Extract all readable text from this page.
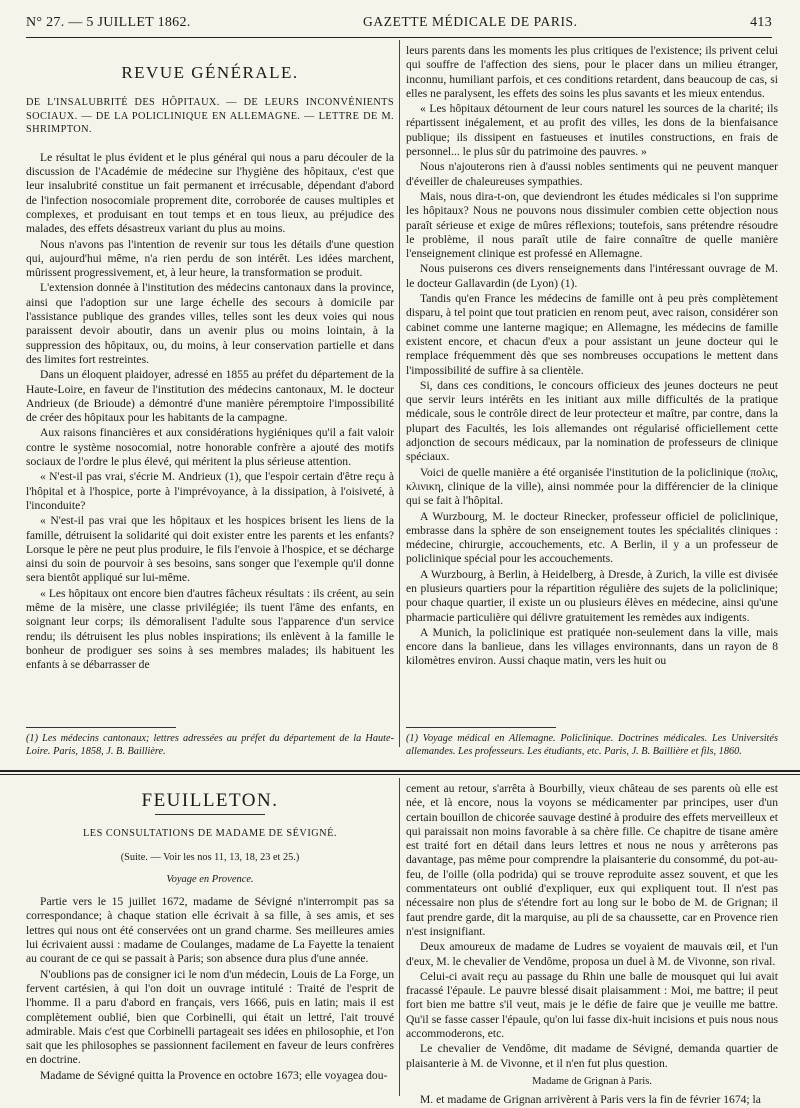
N° 27. — 5 JUILLET 1862.	GAZETTE MÉDICALE DE PARIS.	413
REVUE GÉNÉRALE.

DE L'INSALUBRITÉ DES HÔPITAUX. — DE LEURS INCONVÉNIENTS SOCIAUX. — DE LA POLICLINIQUE EN ALLEMAGNE. — LETTRE DE M. SHRIMPTON.

Le résultat le plus évident et le plus général qui nous a paru découler de la discussion de l'Académie de médecine sur l'hygiène des hôpitaux, c'est que leur insalubrité constitue un fait permanent et irrécusable, dépendant d'abord de l'infection nosocomiale proprement dite, corroborée de causes multiples et complexes, et produisant en tout temps et en tous lieux, au préjudice des malades, des effets désastreux variant du plus au moins.

Nous n'avons pas l'intention de revenir sur tous les détails d'une question qui, aujourd'hui même, n'a rien perdu de son intérêt. Les idées marchent, mûrissent progressivement, et, à leur heure, la transformation se produit.

L'extension donnée à l'institution des médecins cantonaux dans la province, ainsi que l'adoption sur une large échelle des secours à domicile par l'assistance publique des grandes villes, telles sont les deux voies qui nous paraissent devoir aboutir, dans un avenir plus ou moins lointain, à la suppression des hôpitaux, ou, du moins, à leur conservation partielle et dans des limites fort restreintes.

Dans un éloquent plaidoyer, adressé en 1855 au préfet du département de la Haute-Loire, en faveur de l'institution des médecins cantonaux, M. le docteur Andrieux (de Brioude) a démontré d'une manière péremptoire l'impossibilité de créer des hôpitaux pour les habitants de la campagne.

Aux raisons financières et aux considérations hygiéniques qu'il a fait valoir contre le système nosocomial, notre honorable confrère a ajouté des motifs sociaux de l'ordre le plus élevé, qui méritent la plus sérieuse attention.

« N'est-il pas vrai, s'écrie M. Andrieux (1), que l'espoir certain d'être reçu à l'hôpital et à l'hospice, porte à l'imprévoyance, à la dissipation, à l'oisiveté, à l'inconduite?

« N'est-il pas vrai que les hôpitaux et les hospices brisent les liens de la famille, détruisent la solidarité qui doit exister entre les parents et les enfants? Lorsque le père ne peut plus produire, le fils l'envoie à l'hospice, et se décharge ainsi du soin de pourvoir à ses besoins, sans songer que l'exemple qu'il donne sera bientôt appliqué sur lui-même.

« Les hôpitaux ont encore bien d'autres fâcheux résultats : ils créent, au sein même de la misère, une classe privilégiée; ils tuent l'âme des enfants, en soignant leur corps; ils démoralisent l'adulte sous l'apparence d'un service rendu; ils détruisent les plus nobles inspirations; ils enlèvent à la famille le bonheur de prodiguer ses soins à ses membres malades; ils habituent les enfants à se débarrasser de

leurs parents dans les moments les plus critiques de l'existence; ils privent celui qui souffre de l'affection des siens, pour le placer dans un milieu étranger, inconnu, humiliant parfois, et ces conditions retardent, dans beaucoup de cas, si elles ne paralysent, les effets des soins les plus savants et les mieux entendus.

« Les hôpitaux détournent de leur cours naturel les sources de la charité; ils répartissent inégalement, et au profit des villes, les dons de la bienfaisance publique; ils dissipent en fastueuses et inutiles constructions, en frais de personnel... le plus sûr du patrimoine des pauvres. »

Nous n'ajouterons rien à d'aussi nobles sentiments qui ne peuvent manquer d'éveiller de chaleureuses sympathies.

Mais, nous dira-t-on, que deviendront les études médicales si l'on supprime les hôpitaux? Nous ne pouvons nous dissimuler combien cette objection nous paraît sérieuse et exige de mûres réflexions; toutefois, sans prétendre résoudre le problème, il nous paraît utile de faire connaître de quelle manière l'enseignement clinique est professé en Allemagne.

Nous puiserons ces divers renseignements dans l'intéressant ouvrage de M. le docteur Gallavardin (de Lyon) (1).

Tandis qu'en France les médecins de famille ont à peu près complètement disparu, à tel point que tout praticien en renom peut, avec raison, considérer son cabinet comme une lanterne magique; en Allemagne, les médecins de famille existent encore, et chacun d'eux a pour assistant un jeune docteur qui le remplace fréquemment dès que ses nombreuses occupations le mettent dans l'impossibilité de suffire à sa clientèle.

Si, dans ces conditions, le concours officieux des jeunes docteurs ne peut que servir leurs intérêts en les initiant aux mille difficultés de la pratique médicale, sous le contrôle direct de leur protecteur et maître, par contre, dans la plupart des Facultés, les lois allemandes ont régularisé officiellement cette adjonction de secours médicaux, par la nomination de professeurs de clinique spéciaux.

Voici de quelle manière a été organisée l'institution de la policlinique (πολις, κλινικη, clinique de la ville), ainsi nommée pour la différencier de la clinique qui se fait à l'hôpital.

A Wurzbourg, M. le docteur Rinecker, professeur officiel de policlinique, embrasse dans la sphère de son enseignement toutes les spécialités cliniques : médecine, chirurgie, accouchements, etc. A Berlin, il y a un professeur de policlinique spécial pour les accouchements.

A Wurzbourg, à Berlin, à Heidelberg, à Dresde, à Zurich, la ville est divisée en plusieurs quartiers pour la répartition régulière des sujets de la policlinique; pour chaque quartier, il existe un ou plusieurs élèves en médecine, ainsi qu'une pharmacie particulière qui délivre gratuitement les remèdes aux indigents.

A Munich, la policlinique est pratiquée non-seulement dans la ville, mais encore dans la banlieue, dans les villages environnants, dans un rayon de 8 kilomètres environ. Aussi chaque matin, vers les huit ou

(1) Les médecins cantonaux; lettres adressées au préfet du département de la Haute-Loire. Paris, 1858, J. B. Baillière.
(1) Voyage médical en Allemagne. Policlinique. Doctrines médicales. Les Universités allemandes. Les professeurs. Les étudiants, etc. Paris, J. B. Baillière et fils, 1860.
FEUILLETON.
LES CONSULTATIONS DE MADAME DE SÉVIGNÉ.
(Suite. — Voir les nos 11, 13, 18, 23 et 25.)
Voyage en Provence.

Partie vers le 15 juillet 1672, madame de Sévigné n'interrompit pas sa correspondance; à chaque station elle écrivait à sa fille, à ses amis, et ses lettres qui nous ont été conservées ont un grand charme. Ses meilleures amies lui écrivaient aussi : madame de Coulanges, madame de La Fayette la tenaient au courant de ce qui se passait à Paris; son absence dura plus d'une année.

N'oublions pas de consigner ici le nom d'un médecin, Louis de La Forge, un fervent cartésien, à qui l'on doit un ouvrage intitulé : Traité de l'esprit de l'homme. Il a paru d'abord en français, vers 1666, puis en latin; mais il est complètement oublié, bien que Corbinelli, qui était un lettré, l'ait trouvé admirable. Mais c'est que Corbinelli partageait ses idées en philosophie, et l'on sait que les philosophes se passionnent facilement en faveur de leurs confrères en doctrine.

Madame de Sévigné quitta la Provence en octobre 1673; elle voyagea dou-

cement au retour, s'arrêta à Bourbilly, vieux château de ses parents où elle est née, et là encore, nous la voyons se médicamenter par principes, user d'un certain bouillon de chicorée sauvage destiné à produire des effets merveilleux et qui paraissait non moins favorable à sa chère fille. Ce chapitre de tisane amère est traité fort en détail dans leurs lettres et nous ne nous y arrêterons pas davantage, pas même pour comprendre la plaisanterie du consommé, du pot-au-feu, de l'oille (olla podrida) qui se trouve reproduite assez souvent, et que les commentateurs ont oublié d'expliquer, eux qui expliquent tout. Il n'est pas nécessaire non plus de s'étendre fort au long sur le bobo de M. de Grignan; il faut prendre garde, dit la marquise, au pli de sa chaussette, car en Provence rien n'est insignifiant.

Deux amoureux de madame de Ludres se voyaient de mauvais œil, et l'un d'eux, M. le chevalier de Vendôme, proposa un duel à M. de Vivonne, son rival.

Celui-ci avait reçu au passage du Rhin une balle de mousquet qui lui avait fracassé l'épaule. Le pauvre blessé disait plaisamment : Moi, me battre; il peut fort bien me battre s'il veut, mais je le défie de faire que je veuille me battre. Qu'il se fasse casser l'épaule, qu'on lui fasse dix-huit incisions et puis nous nous accommoderons, etc.

Le chevalier de Vendôme, dit madame de Sévigné, demanda quartier de plaisanterie à M. de Vivonne, et il n'en fut plus question.

Madame de Grignan à Paris.

M. et madame de Grignan arrivèrent à Paris vers la fin de février 1674; la
